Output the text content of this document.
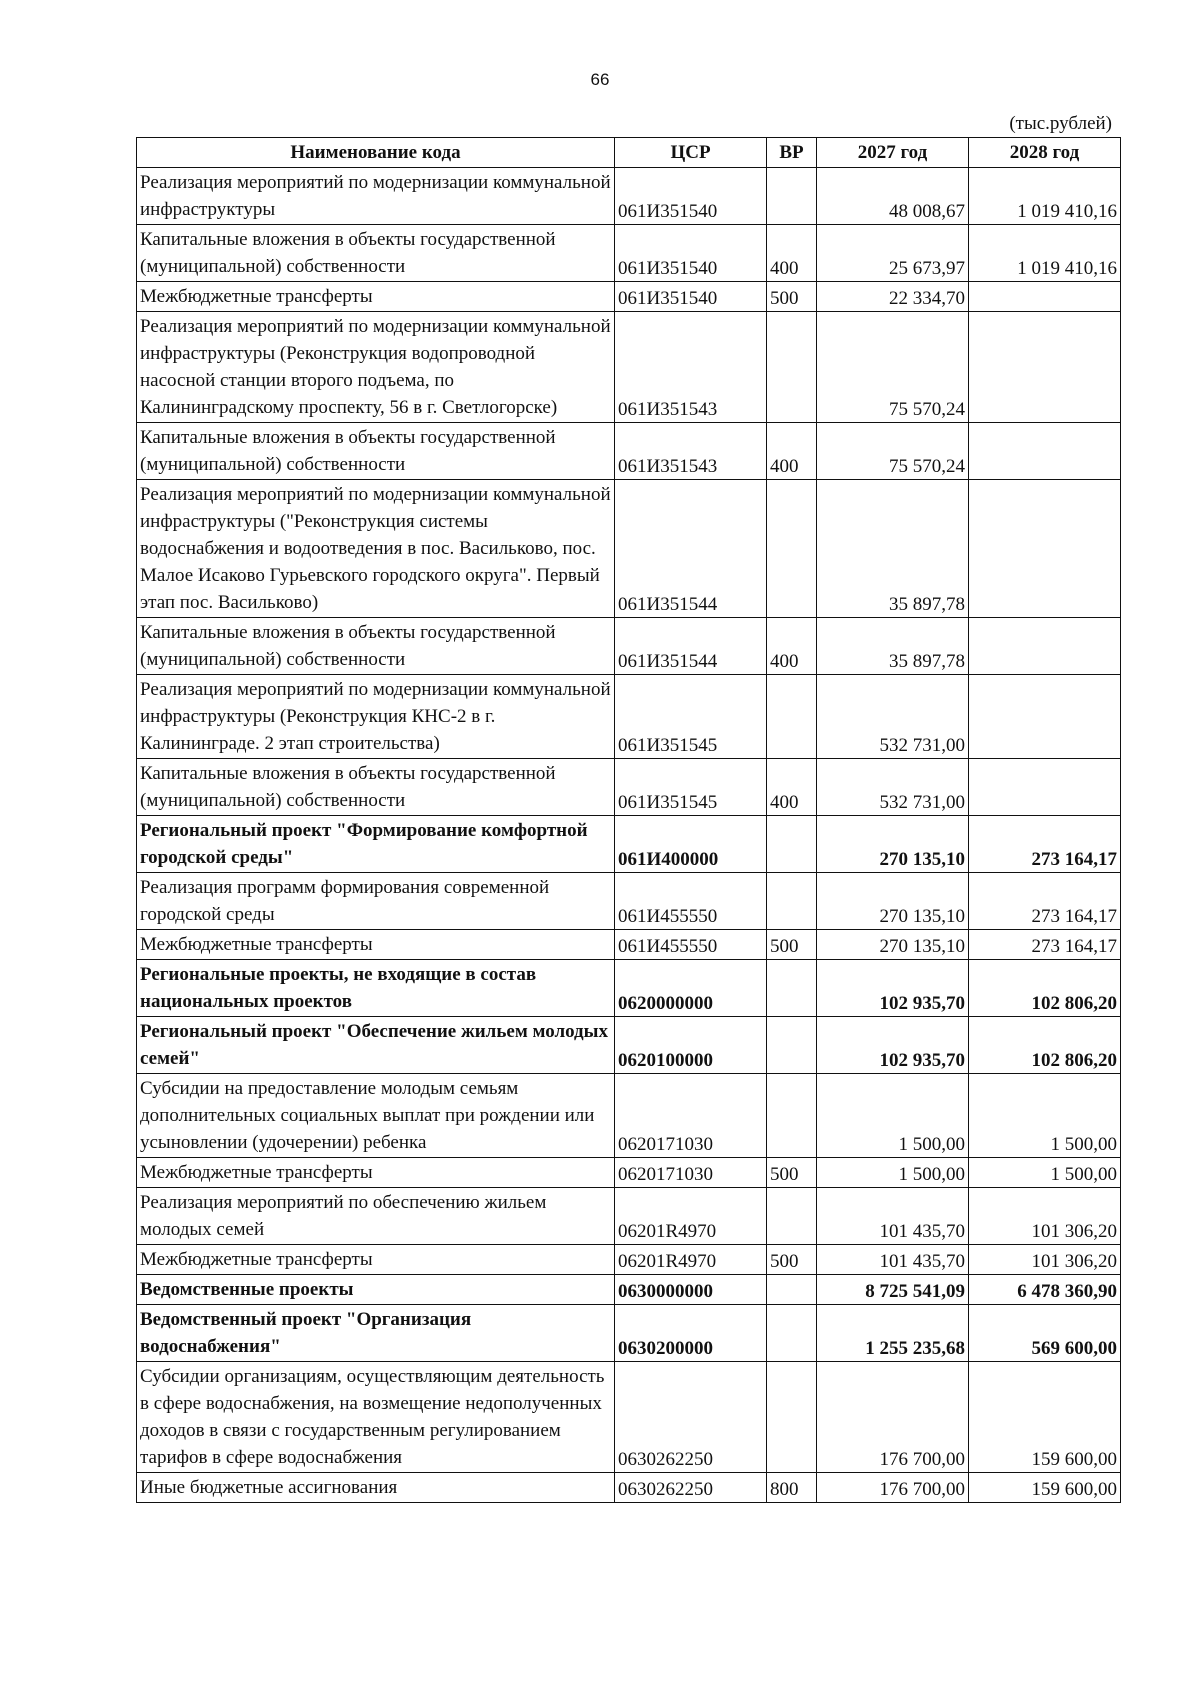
66
(тыс.рублей)
Наименование кода	ЦСР	ВР	2027 год	2028 год
Реализация мероприятий по модернизации коммунальной инфраструктуры	061И351540		48 008,67	1 019 410,16
Капитальные вложения в объекты государственной (муниципальной) собственности	061И351540	400	25 673,97	1 019 410,16
Межбюджетные трансферты	061И351540	500	22 334,70	
Реализация мероприятий по модернизации коммунальной инфраструктуры (Реконструкция водопроводной насосной станции второго подъема, по Калининградскому проспекту, 56 в г. Светлогорске)	061И351543		75 570,24	
Капитальные вложения в объекты государственной (муниципальной) собственности	061И351543	400	75 570,24	
Реализация мероприятий по модернизации коммунальной инфраструктуры ("Реконструкция системы водоснабжения и водоотведения в пос. Васильково, пос. Малое Исаково Гурьевского городского округа". Первый этап пос. Васильково)	061И351544		35 897,78	
Капитальные вложения в объекты государственной (муниципальной) собственности	061И351544	400	35 897,78	
Реализация мероприятий по модернизации коммунальной инфраструктуры (Реконструкция КНС-2 в г. Калининграде. 2 этап строительства)	061И351545		532 731,00	
Капитальные вложения в объекты государственной (муниципальной) собственности	061И351545	400	532 731,00	
Региональный проект "Формирование комфортной городской среды"	061И400000		270 135,10	273 164,17
Реализация программ формирования современной городской среды	061И455550		270 135,10	273 164,17
Межбюджетные трансферты	061И455550	500	270 135,10	273 164,17
Региональные проекты, не входящие в состав национальных проектов	0620000000		102 935,70	102 806,20
Региональный проект "Обеспечение жильем молодых семей"	0620100000		102 935,70	102 806,20
Субсидии на предоставление молодым семьям дополнительных социальных выплат при рождении или усыновлении (удочерении) ребенка	0620171030		1 500,00	1 500,00
Межбюджетные трансферты	0620171030	500	1 500,00	1 500,00
Реализация мероприятий по обеспечению жильем молодых семей	06201R4970		101 435,70	101 306,20
Межбюджетные трансферты	06201R4970	500	101 435,70	101 306,20
Ведомственные проекты	0630000000		8 725 541,09	6 478 360,90
Ведомственный проект "Организация водоснабжения"	0630200000		1 255 235,68	569 600,00
Субсидии организациям, осуществляющим деятельность в сфере водоснабжения, на возмещение недополученных доходов в связи с государственным регулированием тарифов в сфере водоснабжения	0630262250		176 700,00	159 600,00
Иные бюджетные ассигнования	0630262250	800	176 700,00	159 600,00
